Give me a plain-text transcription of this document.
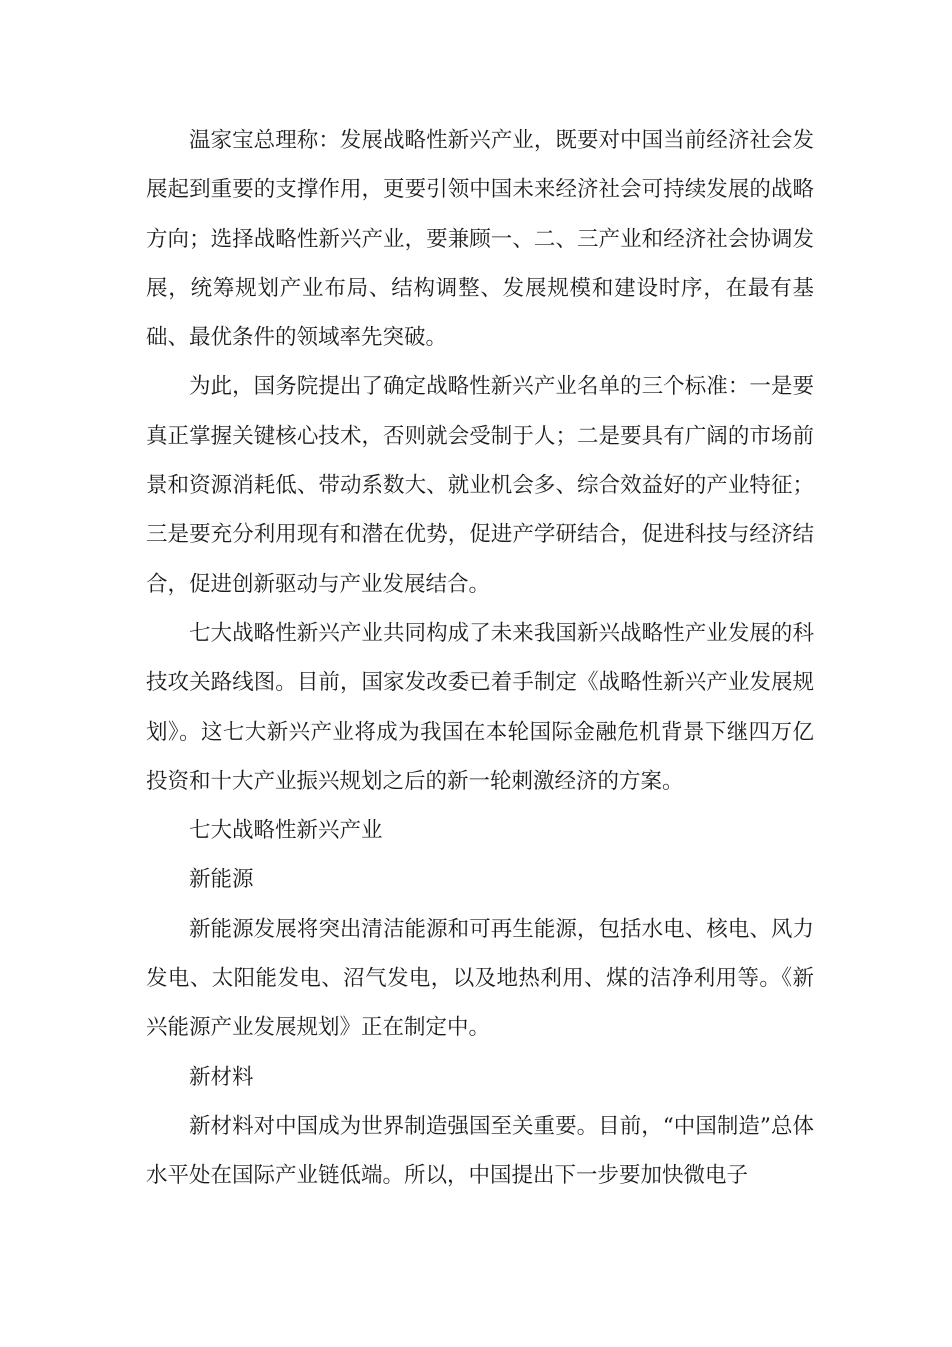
温家宝总理称：发展战略性新兴产业，既要对中国当前经济社会发展起到重要的支撑作用，更要引领中国未来经济社会可持续发展的战略方向；选择战略性新兴产业，要兼顾一、二、三产业和经济社会协调发展，统筹规划产业布局、结构调整、发展规模和建设时序，在最有基础、最优条件的领域率先突破。

为此，国务院提出了确定战略性新兴产业名单的三个标准：一是要真正掌握关键核心技术，否则就会受制于人；二是要具有广阔的市场前景和资源消耗低、带动系数大、就业机会多、综合效益好的产业特征；三是要充分利用现有和潜在优势，促进产学研结合，促进科技与经济结合，促进创新驱动与产业发展结合。

七大战略性新兴产业共同构成了未来我国新兴战略性产业发展的科技攻关路线图。目前，国家发改委已着手制定《战略性新兴产业发展规划》。这七大新兴产业将成为我国在本轮国际金融危机背景下继四万亿投资和十大产业振兴规划之后的新一轮刺激经济的方案。

七大战略性新兴产业

新能源

新能源发展将突出清洁能源和可再生能源，包括水电、核电、风力发电、太阳能发电、沼气发电，以及地热利用、煤的洁净利用等。《新兴能源产业发展规划》正在制定中。

新材料

新材料对中国成为世界制造强国至关重要。目前，“中国制造”总体水平处在国际产业链低端。所以，中国提出下一步要加快微电子
